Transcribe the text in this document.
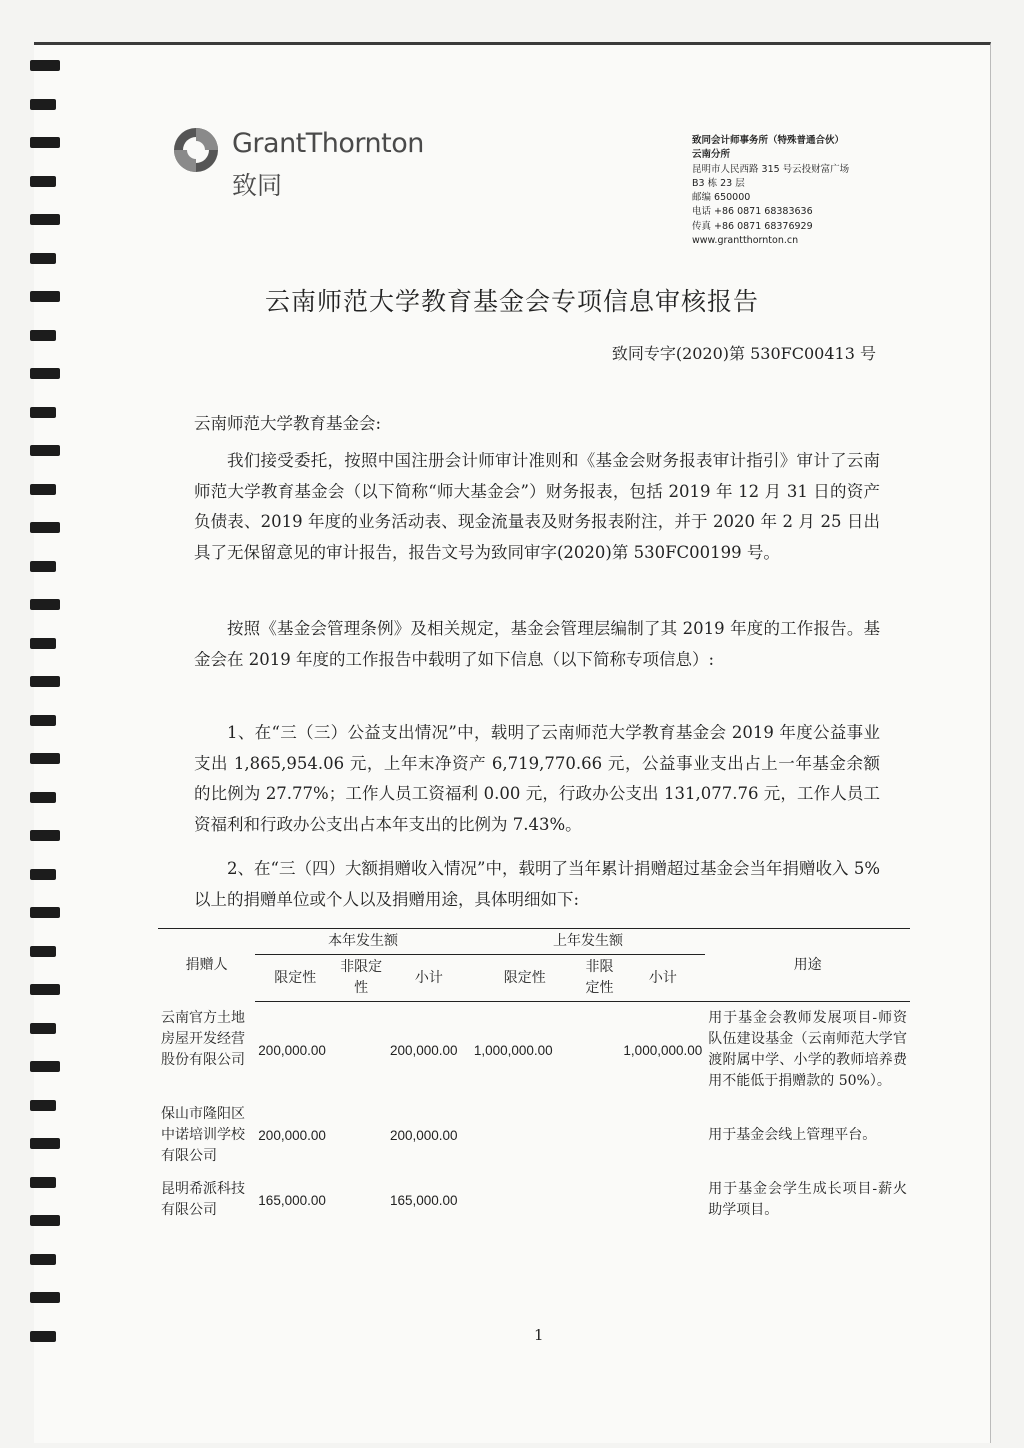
GrantThornton
致同
致同会计师事务所（特殊普通合伙）
云南分所
昆明市人民西路 315 号云投财富广场
B3 栋 23 层
邮编 650000
电话 +86 0871 68383636
传真 +86 0871 68376929
www.grantthornton.cn
云南师范大学教育基金会专项信息审核报告
致同专字(2020)第 530FC00413 号
云南师范大学教育基金会:

我们接受委托，按照中国注册会计师审计准则和《基金会财务报表审计指引》审计了云南师范大学教育基金会（以下简称“师大基金会”）财务报表，包括 2019 年 12 月 31 日的资产负债表、2019 年度的业务活动表、现金流量表及财务报表附注，并于 2020 年 2 月 25 日出具了无保留意见的审计报告，报告文号为致同审字(2020)第 530FC00199 号。

按照《基金会管理条例》及相关规定，基金会管理层编制了其 2019 年度的工作报告。基金会在 2019 年度的工作报告中载明了如下信息（以下简称专项信息）:

1、在“三（三）公益支出情况”中，载明了云南师范大学教育基金会 2019 年度公益事业支出 1,865,954.06 元，上年末净资产 6,719,770.66 元，公益事业支出占上一年基金余额的比例为 27.77%；工作人员工资福利 0.00 元，行政办公支出 131,077.76 元，工作人员工资福利和行政办公支出占本年支出的比例为 7.43%。

2、在“三（四）大额捐赠收入情况”中，载明了当年累计捐赠超过基金会当年捐赠收入 5%以上的捐赠单位或个人以及捐赠用途，具体明细如下:

捐赠人	本年发生额			上年发生额			用途
	限定性	非限定性	小计	限定性	非限定性	小计	
云南官方土地房屋开发经营股份有限公司	200,000.00		200,000.00	1,000,000.00		1,000,000.00	用于基金会教师发展项目-师资队伍建设基金（云南师范大学官渡附属中学、小学的教师培养费用不能低于捐赠款的 50%）。
保山市隆阳区中诺培训学校有限公司	200,000.00		200,000.00				用于基金会线上管理平台。
昆明希派科技有限公司	165,000.00		165,000.00				用于基金会学生成长项目-薪火助学项目。
1
